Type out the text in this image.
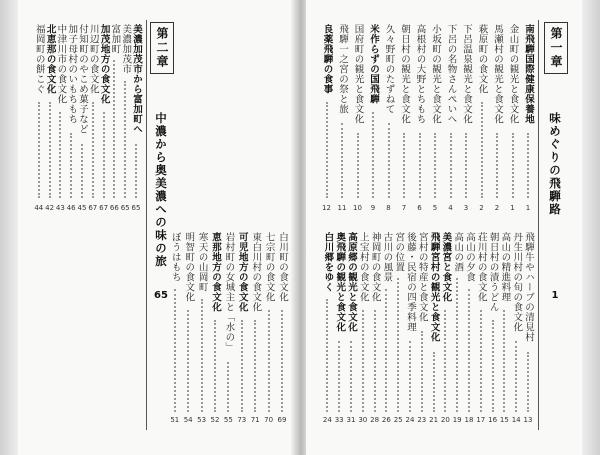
美濃加茂市から富加町へ
65
美濃加茂市
65
富加町
66
加茂地方の食文化
67
川辺町の食文化
67
付知町のやこめ菓子など
45
加子母村のいもちもち
46
中津川市の食文化
43
北恵那の食文化
42
福岡町の餅こぐ
44
第二章
中濃から奥美濃への味の旅
65	白川町の食文化
69
七宗町の食文化
70
東白川村の食文化
71
可児地方の食文化
73
岩村町の女城主と「水の」
55
恵那地方の食文化
52
寒天の山岡町
53
明智町の食文化
54
ぼうはもち
51
第一章
味めぐりの飛騨路
1
南飛騨国際健康保養地
1
金山町の観光と食文化
1
馬瀬村の観光と食文化
2
萩原町の食文化
2
下呂温泉観光と食文化
3
下呂の名物さんぺいへ
4
小坂町の観光と食文化
5
高根村の大野とちもち
6
朝日村の観光と食文化
7
久々野町のたずねて
8
米作らずの国飛騨
9
国府町の観光と食文化
10
飛騨一之宮の祭と旅
11
良薬飛騨の食事
12
飛騨牛やハーブの清見村
13
丹生川村の旬の食文化
14
高山の精進料理
15
朝日村の漬うどん
16
荘川村の食文化
17
高山の夕食
18
高山の酒
19
美濃宮と食文化
20
飛騨宮村の観光と食文化
21
宮村の特産と食文化
23
後藤・民宿の四季料理
24
宮の位置
25
古川の風景
26
神岡町の食文化
28
上宝村の食文化
30
高原郷の観光と食文化
31
奥飛騨の観光と食文化
33
白川郷をゆく
24
